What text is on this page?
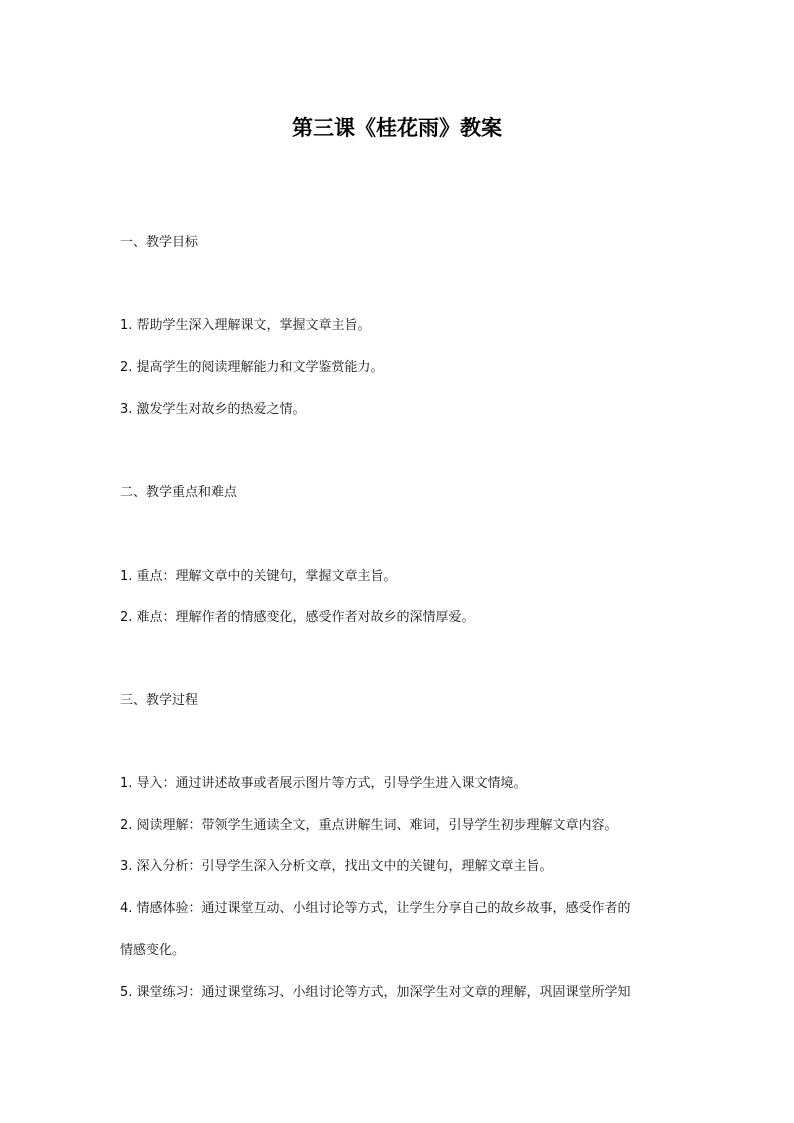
第三课《桂花雨》教案

一、教学目标

1. 帮助学生深入理解课文，掌握文章主旨。

2. 提高学生的阅读理解能力和文学鉴赏能力。

3. 激发学生对故乡的热爱之情。

二、教学重点和难点

1. 重点：理解文章中的关键句，掌握文章主旨。

2. 难点：理解作者的情感变化，感受作者对故乡的深情厚爱。

三、教学过程

1. 导入：通过讲述故事或者展示图片等方式，引导学生进入课文情境。

2. 阅读理解：带领学生通读全文，重点讲解生词、难词，引导学生初步理解文章内容。

3. 深入分析：引导学生深入分析文章，找出文中的关键句，理解文章主旨。

4. 情感体验：通过课堂互动、小组讨论等方式，让学生分享自己的故乡故事，感受作者的

情感变化。

5. 课堂练习：通过课堂练习、小组讨论等方式，加深学生对文章的理解，巩固课堂所学知
